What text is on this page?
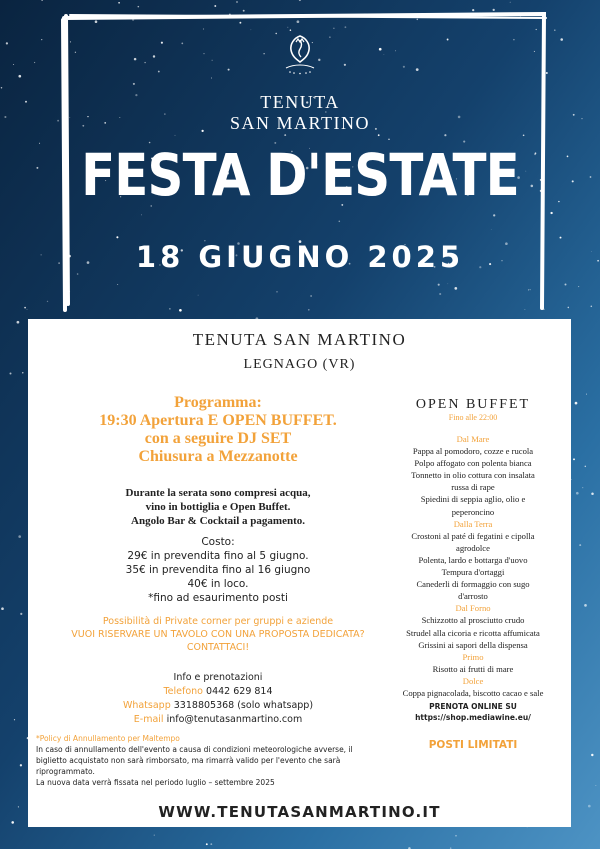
TENUTA
SAN MARTINO
FESTA D'ESTATE
18 GIUGNO 2025
TENUTA SAN MARTINO
LEGNAGO (VR)
Programma:
19:30 Apertura E OPEN BUFFET.
con a seguire DJ SET
Chiusura a Mezzanotte
Durante la serata sono compresi acqua,
vino in bottiglia e Open Buffet.
Angolo Bar & Cocktail a pagamento.
Costo:
29€ in prevendita fino al 5 giugno.
35€ in prevendita fino al 16 giugno
40€ in loco.
*fino ad esaurimento posti
Possibilità di Private corner per gruppi e aziende
VUOI RISERVARE UN TAVOLO CON UNA PROPOSTA DEDICATA?
CONTATTACI!
Info e prenotazioni
Telefono 0442 629 814
Whatsapp 3318805368 (solo whatsapp)
E-mail info@tenutasanmartino.com
*Policy di Annullamento per Maltempo
In caso di annullamento dell'evento a causa di condizioni meteorologiche avverse, il
biglietto acquistato non sarà rimborsato, ma rimarrà valido per l'evento che sarà
riprogrammato.
La nuova data verrà fissata nel periodo luglio – settembre 2025
OPEN BUFFET
Fino alle 22:00
Dal Mare
Pappa al pomodoro, cozze e rucola
Polpo affogato con polenta bianca
Tonnetto in olio cottura con insalata
russa di rape
Spiedini di seppia aglio, olio e
peperoncino
Dalla Terra
Crostoni al paté di fegatini e cipolla
agrodolce
Polenta, lardo e bottarga d'uovo
Tempura d'ortaggi
Canederli di formaggio con sugo
d'arrosto
Dal Forno
Schizzotto al prosciutto crudo
Strudel alla cicoria e ricotta affumicata
Grissini ai sapori della dispensa
Primo
Risotto ai frutti di mare
Dolce
Coppa pignacolada, biscotto cacao e sale
PRENOTA ONLINE SU
https://shop.mediawine.eu/
POSTI LIMITATI
WWW.TENUTASANMARTINO.IT
